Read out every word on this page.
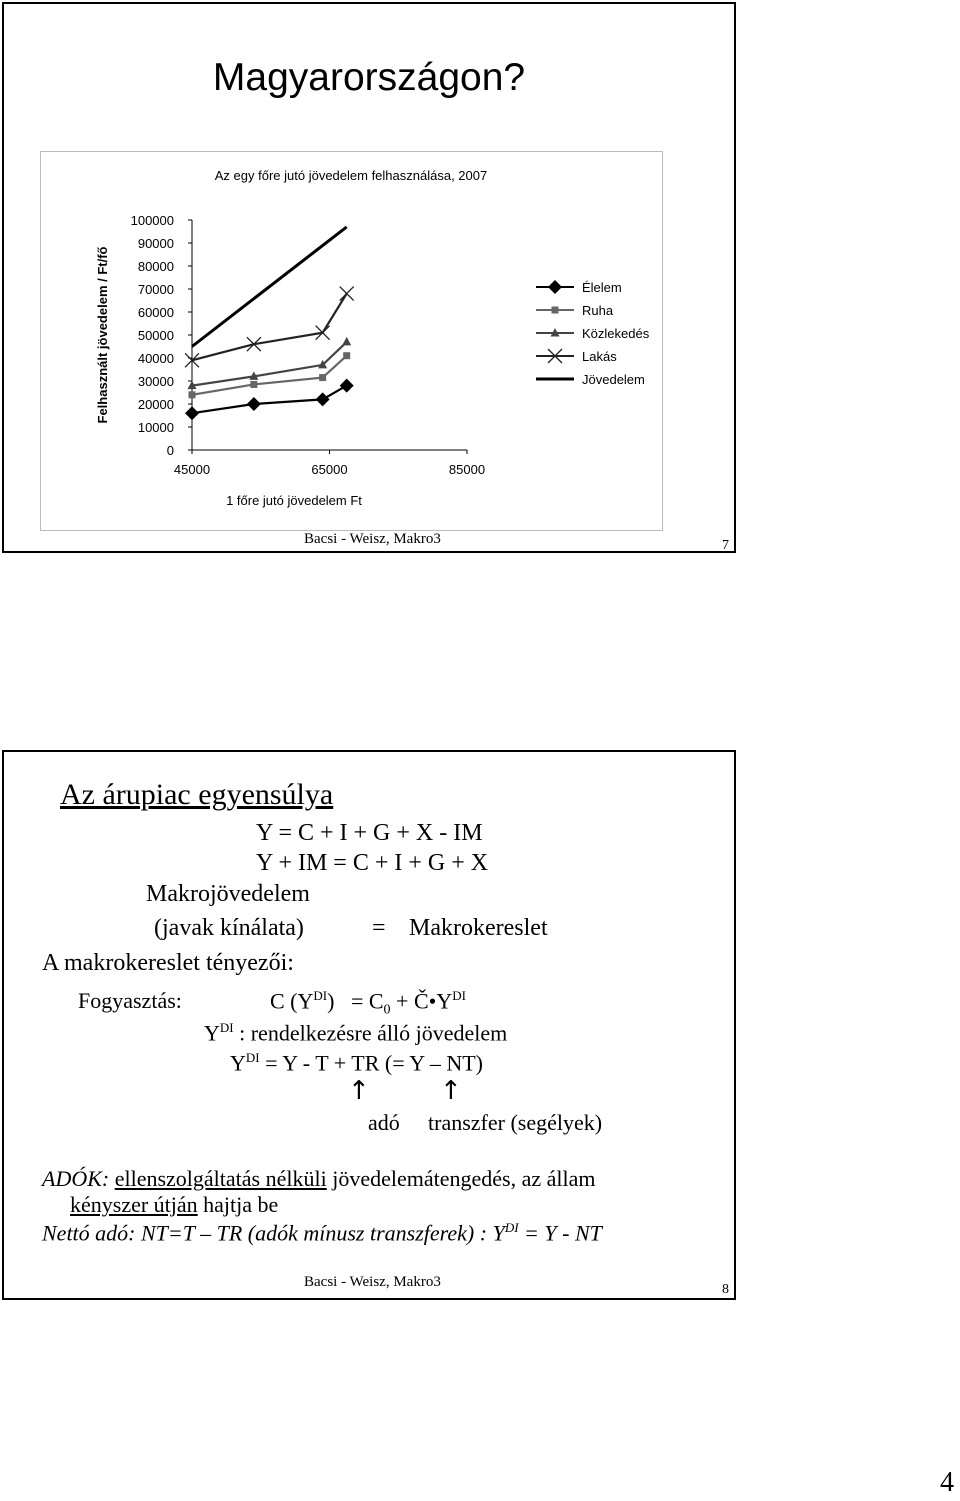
Magyarországon?
Az egy főre jutó jövedelem felhasználása, 2007
Felhasznált jövedelem / Ft/fő
1 főre jutó jövedelem Ft
100000
90000
80000
70000
60000
50000
40000
30000
20000
10000
0
45000	65000	85000
Élelem
Ruha
Közlekedés
Lakás
Jövedelem
Bacsi - Weisz, Makro3	7
Az árupiac egyensúlya
Y = C + I + G + X - IM
Y + IM = C + I + G + X
Makrojövedelem
(javak kínálata)	= Makrokereslet
A makrokereslet tényezői:
Fogyasztás:	C $(Y^{DI}) = C_0$ + $Č•Y^{DI}$
$Y^{DI}$ : rendelkezésre álló jövedelem
$Y^{DI} = Y - T$ + TR (= Y – NT)
↑	↑
adó transzfer (segélyek)
ADÓK: ellenszolgáltatás nélküli jövedelemátengedés, az állam
kényszer útján hajtja be
Nettó adó: NT=T – TR (adók mínusz transzferek) : $Y^{DI} = Y$ - NT
Bacsi - Weisz, Makro3	8
4
